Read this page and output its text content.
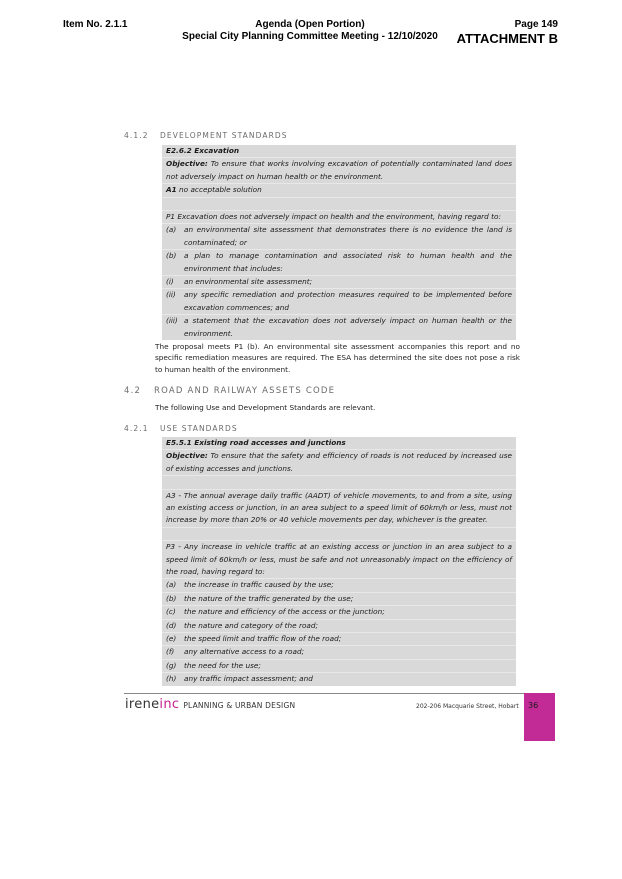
Item No. 2.1.1	Agenda (Open Portion)
Special City Planning Committee Meeting - 12/10/2020
Page 149
ATTACHMENT B
4.1.2 DEVELOPMENT STANDARDS
E2.6.2 Excavation
Objective: To ensure that works involving excavation of potentially contaminated land does not adversely impact on human health or the environment.
A1 no acceptable solution
P1 Excavation does not adversely impact on health and the environment, having regard to:
(a)	an environmental site assessment that demonstrates there is no evidence the land is contaminated; or
(b)	a plan to manage contamination and associated risk to human health and the environment that includes:
(i)	an environmental site assessment;
(ii)	any specific remediation and protection measures required to be implemented before excavation commences; and
(iii) a statement that the excavation does not adversely impact on human health or the environment.
The proposal meets P1 (b). An environmental site assessment accompanies this report and no specific remediation measures are required. The ESA has determined the site does not pose a risk to human health of the environment.
4.2 ROAD AND RAILWAY ASSETS CODE
The following Use and Development Standards are relevant.
4.2.1 USE STANDARDS
E5.5.1 Existing road accesses and junctions
Objective: To ensure that the safety and efficiency of roads is not reduced by increased use of existing accesses and junctions.
A3 - The annual average daily traffic (AADT) of vehicle movements, to and from a site, using an existing access or junction, in an area subject to a speed limit of 60km/h or less, must not increase by more than 20% or 40 vehicle movements per day, whichever is the greater.
P3 - Any increase in vehicle traffic at an existing access or junction in an area subject to a speed limit of 60km/h or less, must be safe and not unreasonably impact on the efficiency of the road, having regard to:
(a)	the increase in traffic caused by the use;
(b)	the nature of the traffic generated by the use;
(c)	the nature and efficiency of the access or the junction;
(d)	the nature and category of the road;
(e)	the speed limit and traffic flow of the road;
(f)	any alternative access to a road;
(g)	the need for the use;
(h)	any traffic impact assessment; and
ireneinc PLANNING & URBAN DESIGN	202-206 Macquarie Street, Hobart 36
